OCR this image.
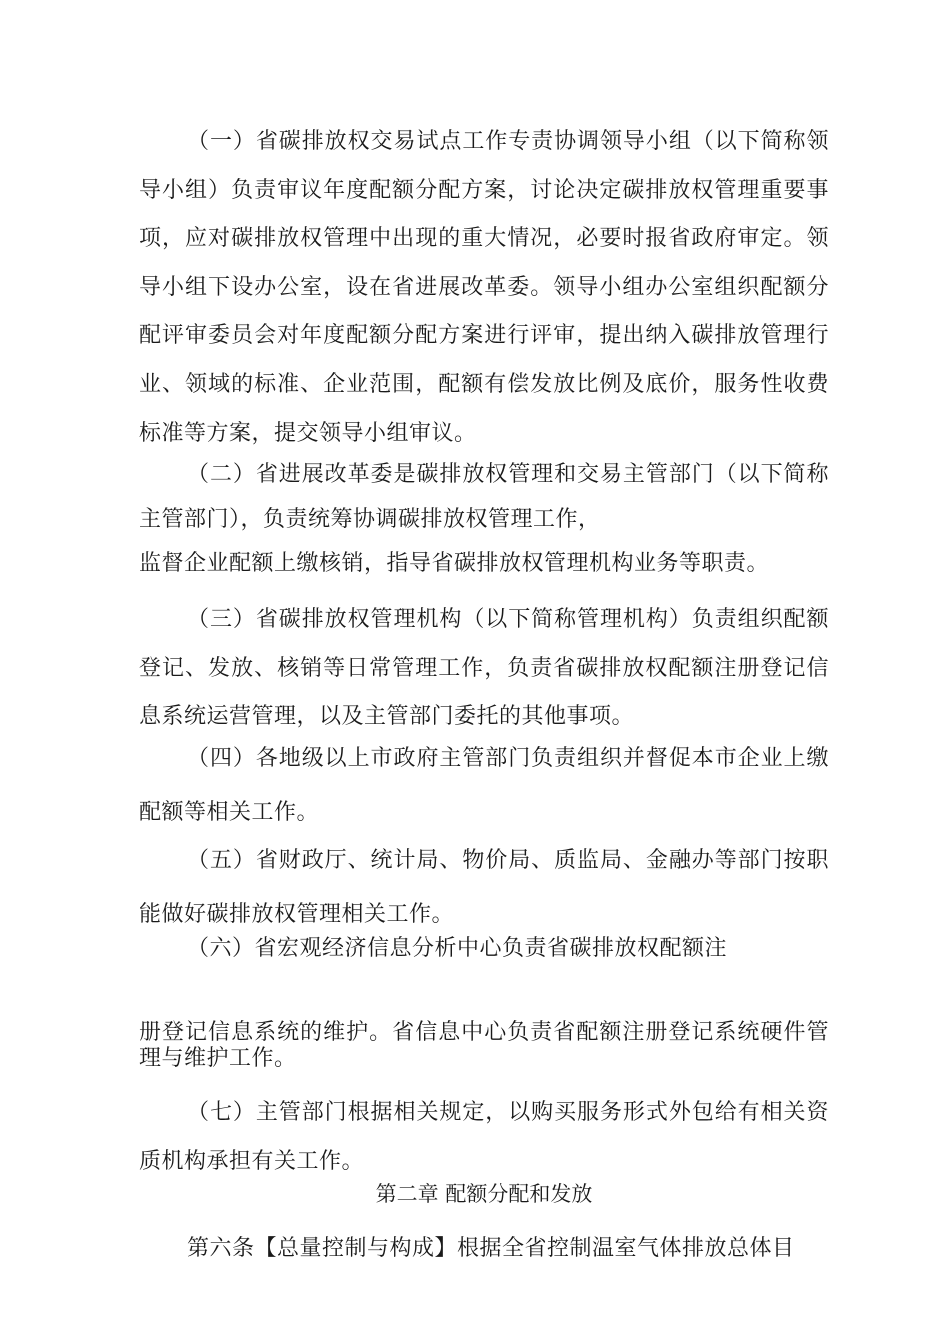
（一）省碳排放权交易试点工作专责协调领导小组（以下简称领导小组）负责审议年度配额分配方案，讨论决定碳排放权管理重要事项，应对碳排放权管理中出现的重大情况，必要时报省政府审定。领导小组下设办公室，设在省进展改革委。领导小组办公室组织配额分配评审委员会对年度配额分配方案进行评审，提出纳入碳排放管理行业、领域的标准、企业范围，配额有偿发放比例及底价，服务性收费标准等方案，提交领导小组审议。

（二）省进展改革委是碳排放权管理和交易主管部门（以下简称主管部门），负责统筹协调碳排放权管理工作，

监督企业配额上缴核销，指导省碳排放权管理机构业务等职责。

（三）省碳排放权管理机构（以下简称管理机构）负责组织配额登记、发放、核销等日常管理工作，负责省碳排放权配额注册登记信息系统运营管理，以及主管部门委托的其他事项。

（四）各地级以上市政府主管部门负责组织并督促本市企业上缴配额等相关工作。

（五）省财政厅、统计局、物价局、质监局、金融办等部门按职能做好碳排放权管理相关工作。

（六）省宏观经济信息分析中心负责省碳排放权配额注

册登记信息系统的维护。省信息中心负责省配额注册登记系统硬件管理与维护工作。

（七）主管部门根据相关规定，以购买服务形式外包给有相关资质机构承担有关工作。

第二章 配额分配和发放

第六条【总量控制与构成】根据全省控制温室气体排放总体目
